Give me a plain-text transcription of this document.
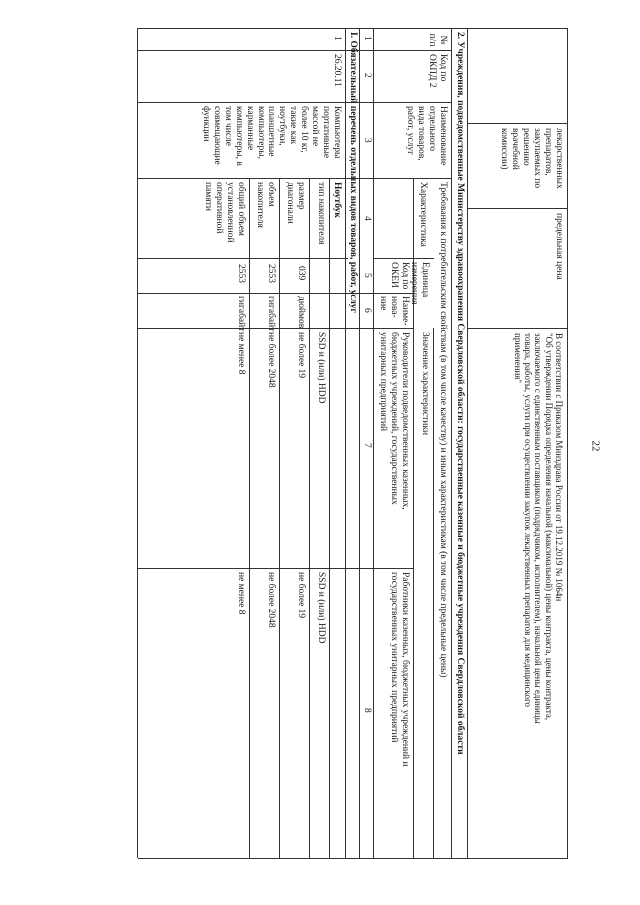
22
лекарственных
препаратов,
закупаемых по
решению
врачебной
комиссии)
предельная цена
В соответствии с Приказом Минздрава России от 19.12.2019 № 1064н
"Об утверждении Порядка определения начальной (максимальной) цены контракта, цены контракта,
заключаемого с единственным поставщиком (подрядчиком, исполнителем), начальной цены единицы
товара, работы, услуги при осуществлении закупок лекарственных препаратов для медицинского
применения"
2. Учреждения, подведомственные Министерству здравоохранения Свердловской области: государственные казенные и бюджетные учреждения Свердловской области
№
п/п
Код по
ОКПД 2
Наименование
отдельного
вида товаров,
работ, услуг
Требования к потребительским свойствам (в том числе качеству) и иным характеристикам (в том числе предельные цены)
Характеристика
Единица измерения
Код по
ОКЕИ
Наиме-
нова-
ние
Значение характеристики
Руководители подведомственных казенных,
бюджетных учреждений, государственных
унитарных предприятий
Работники казенных, бюджетных учреждений и
государственных унитарных предприятий
1
2
3
4
5
6
7
8
I. Обязательный перечень отдельных видов товаров, работ, услуг
1
26.20.11
Компьютеры
портативные
массой не
более 10 кг,
такие как
ноутбуки,
планшетные
компьютеры,
карманные
компьютеры, в
том числе
совмещающие
функции
Ноутбук
тип накопителя
SSD и (или) HDD
SSD и (или) HDD
размер
диагонали
039
дюймов
не более 19
не более 19
объем
накопителя
2553
гигабайт
не более 2048
не более 2048
общий объем
установленной
оперативной
памяти
2553
гигабайт
не менее 8
не менее 8
